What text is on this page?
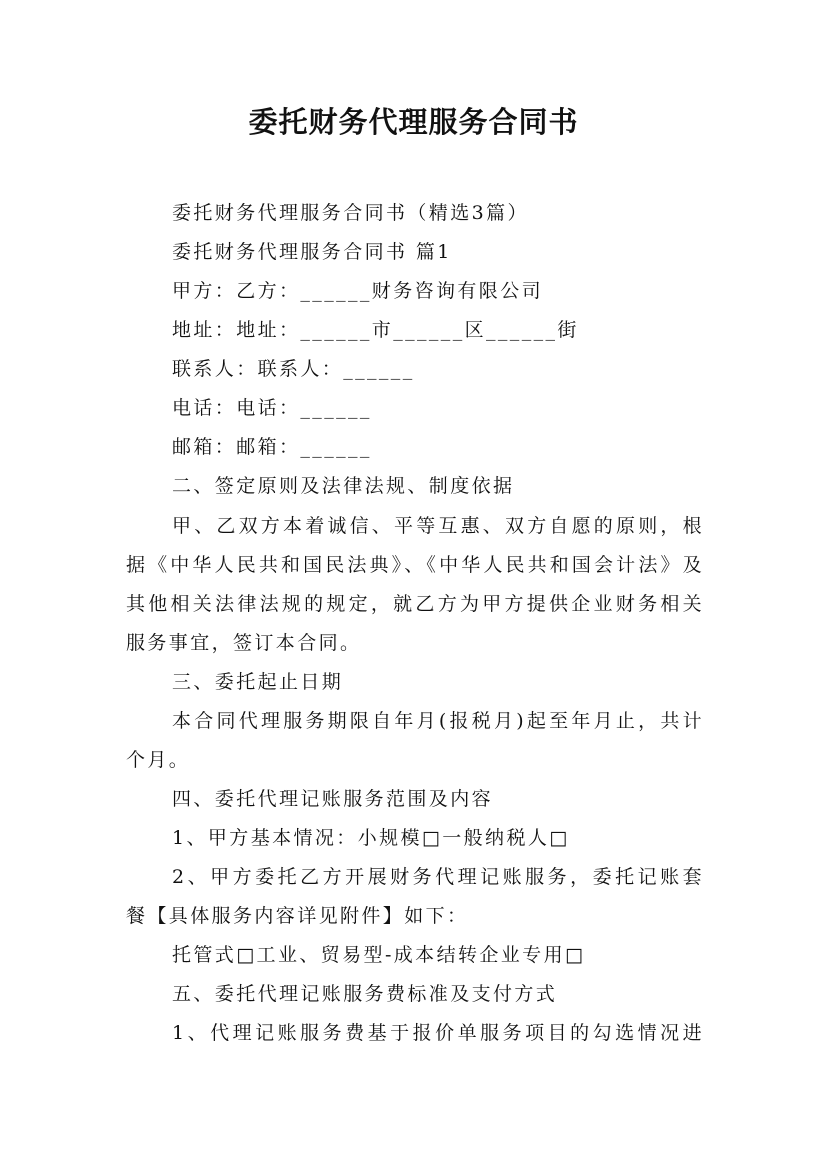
委托财务代理服务合同书
委托财务代理服务合同书（精选3篇）
委托财务代理服务合同书 篇1
甲方：乙方：______财务咨询有限公司
地址：地址：______市______区______街
联系人：联系人：______
电话：电话：______
邮箱：邮箱：______
二、签定原则及法律法规、制度依据
甲、乙双方本着诚信、平等互惠、双方自愿的原则，根
据《中华人民共和国民法典》、《中华人民共和国会计法》及
其他相关法律法规的规定，就乙方为甲方提供企业财务相关
服务事宜，签订本合同。
三、委托起止日期
本合同代理服务期限自年月(报税月)起至年月止，共计
个月。
四、委托代理记账服务范围及内容
1、甲方基本情况：小规模□一般纳税人□
2、甲方委托乙方开展财务代理记账服务，委托记账套
餐【具体服务内容详见附件】如下：
托管式□工业、贸易型-成本结转企业专用□
五、委托代理记账服务费标准及支付方式
1、代理记账服务费基于报价单服务项目的勾选情况进
